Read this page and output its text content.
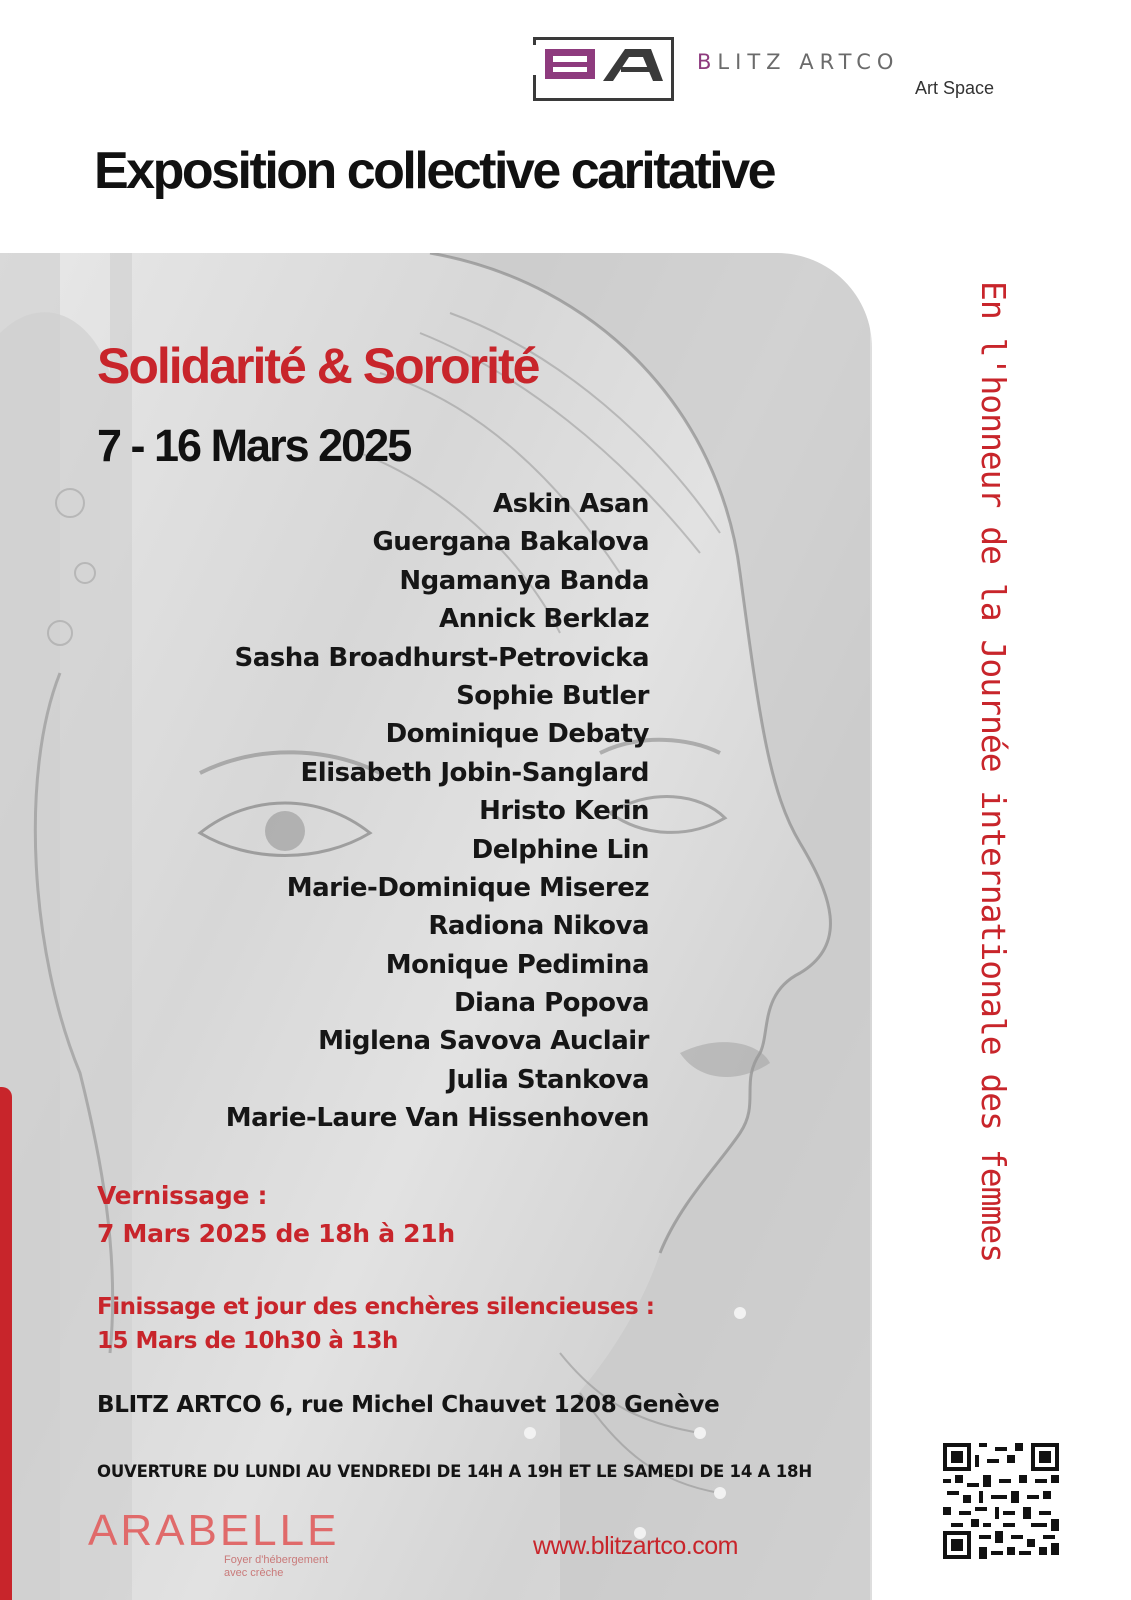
BLITZ ARTCO
Art Space
Exposition collective caritative
Solidarité & Sororité
7 - 16 Mars 2025
Askin Asan
Guergana Bakalova
Ngamanya Banda
Annick Berklaz
Sasha Broadhurst-Petrovicka
Sophie Butler
Dominique Debaty
Elisabeth Jobin-Sanglard
Hristo Kerin
Delphine Lin
Marie-Dominique Miserez
Radiona Nikova
Monique Pedimina
Diana Popova
Miglena Savova Auclair
Julia Stankova
Marie-Laure Van Hissenhoven
Vernissage :
7 Mars 2025 de 18h à 21h
Finissage et jour des enchères silencieuses :
15 Mars de 10h30 à 13h
BLITZ ARTCO 6, rue Michel Chauvet 1208 Genève
OUVERTURE DU LUNDI AU VENDREDI DE 14H A 19H ET LE SAMEDI DE 14 A 18H
ARABELLE
Foyer d'hébergement
avec crèche
www.blitzartco.com
En l'honneur de la Journée internationale des femmes
